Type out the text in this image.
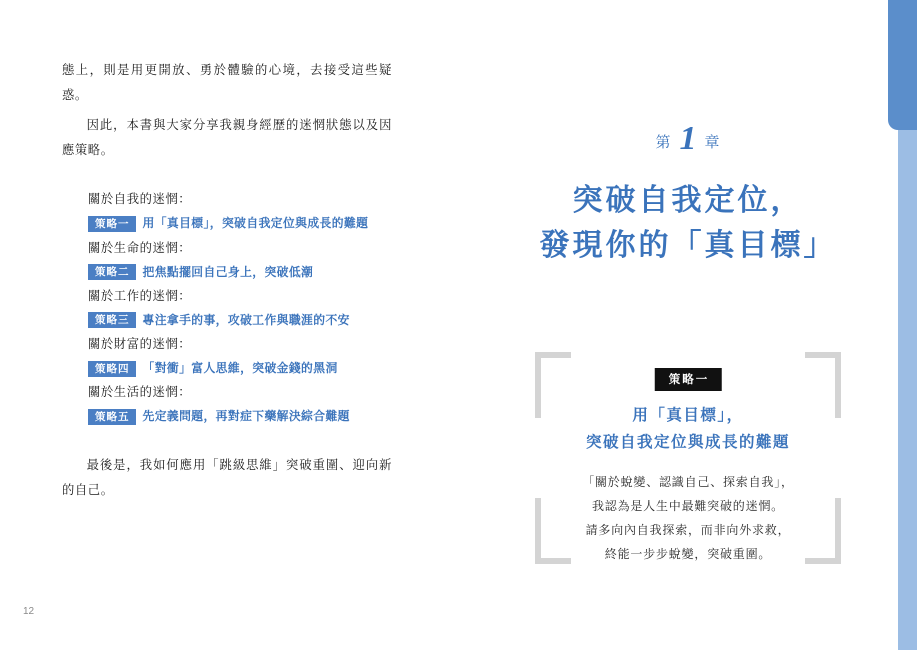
態上，則是用更開放、勇於體驗的心境，去接受這些疑惑。

因此，本書與大家分享我親身經歷的迷惘狀態以及因應策略。

關於自我的迷惘：

策略一	用「真目標」，突破自我定位與成長的難題

關於生命的迷惘：

策略二	把焦點擺回自己身上，突破低潮

關於工作的迷惘：

策略三	專注拿手的事，攻破工作與職涯的不安

關於財富的迷惘：

策略四	「對衝」富人思維，突破金錢的黑洞

關於生活的迷惘：

策略五	先定義問題，再對症下藥解決綜合難題

最後是，我如何應用「跳級思維」突破重圍、迎向新的自己。

12
第 1 章
突破自我定位，
發現你的「真目標」
策略一
用「真目標」，
突破自我定位與成長的難題
「關於蛻變、認識自己、探索自我」，
我認為是人生中最難突破的迷惘。
請多向內自我探索，而非向外求救，
終能一步步蛻變，突破重圍。
